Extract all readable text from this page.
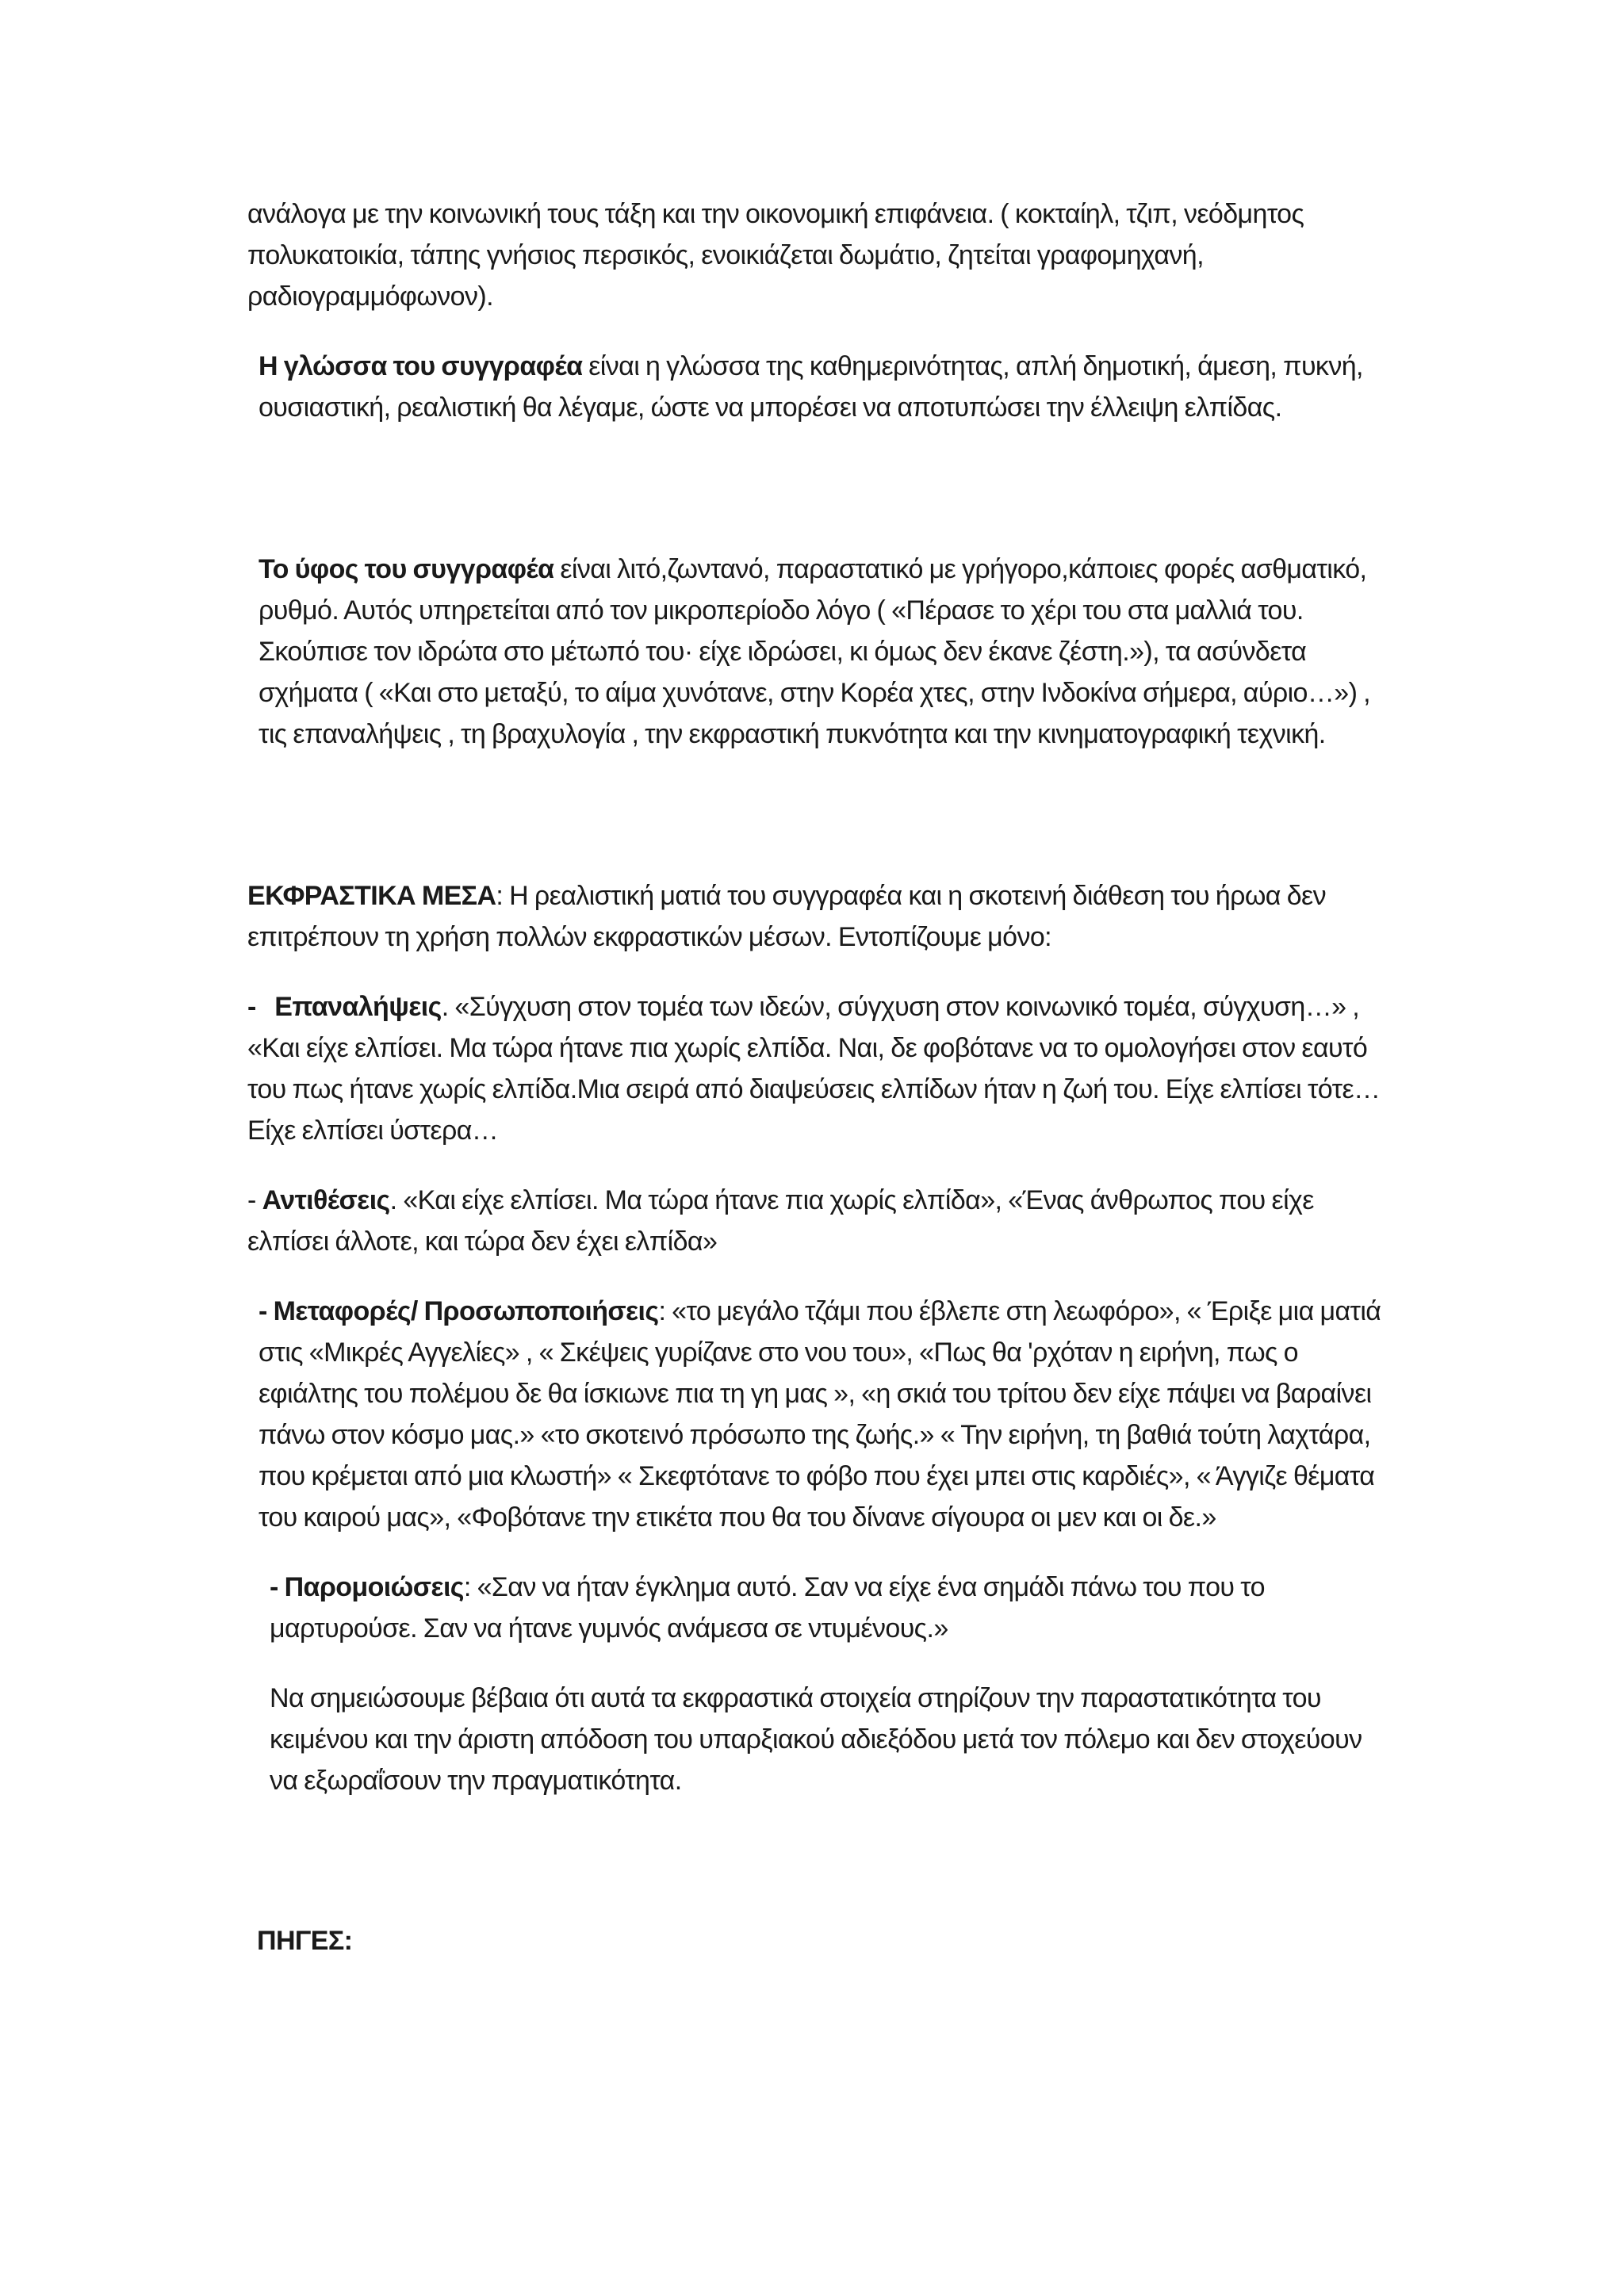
ανάλογα με την κοινωνική τους τάξη και την οικονομική επιφάνεια. ( κοκταίηλ, τζιπ, νεόδμητος πολυκατοικία, τάπης γνήσιος περσικός, ενοικιάζεται δωμάτιο, ζητείται γραφομηχανή, ραδιογραμμόφωνον).

Η γλώσσα του συγγραφέα είναι η γλώσσα της καθημερινότητας, απλή δημοτική, άμεση, πυκνή, ουσιαστική, ρεαλιστική θα λέγαμε, ώστε να μπορέσει να αποτυπώσει την έλλειψη ελπίδας.

Το ύφος του συγγραφέα είναι λιτό,ζωντανό, παραστατικό με γρήγορο,κάποιες φορές ασθματικό, ρυθμό. Αυτός υπηρετείται από τον μικροπερίοδο λόγο ( «Πέρασε το χέρι του στα μαλλιά του. Σκούπισε τον ιδρώτα στο μέτωπό του· είχε ιδρώσει, κι όμως δεν έκανε ζέστη.»), τα ασύνδετα σχήματα ( «Και στο μεταξύ, το αίμα χυνότανε, στην Κορέα χτες, στην Ινδοκίνα σήμερα, αύριο…») , τις επαναλήψεις , τη βραχυλογία , την εκφραστική πυκνότητα και την κινηματογραφική τεχνική.

ΕΚΦΡΑΣΤΙΚΑ ΜΕΣΑ: Η ρεαλιστική ματιά του συγγραφέα και η σκοτεινή διάθεση του ήρωα δεν επιτρέπουν τη χρήση πολλών εκφραστικών μέσων. Εντοπίζουμε μόνο:

-   Επαναλήψεις. «Σύγχυση στον τομέα των ιδεών, σύγχυση στον κοινωνικό τομέα, σύγχυση…» , «Και είχε ελπίσει. Μα τώρα ήτανε πια χωρίς ελπίδα. Ναι, δε φοβότανε να το ομολογήσει στον εαυτό του πως ήτανε χωρίς ελπίδα.Μια σειρά από διαψεύσεις ελπίδων ήταν η ζωή του. Είχε ελπίσει τότε… Είχε ελπίσει ύστερα…

- Αντιθέσεις. «Και είχε ελπίσει. Μα τώρα ήτανε πια χωρίς ελπίδα», «Ένας άνθρωπος που είχε ελπίσει άλλοτε, και τώρα δεν έχει ελπίδα»

- Μεταφορές/ Προσωποποιήσεις: «το μεγάλο τζάμι που έβλεπε στη λεωφόρο», « Έριξε μια ματιά στις «Μικρές Αγγελίες» , « Σκέψεις γυρίζανε στο νου του», «Πως θα 'ρχόταν η ειρήνη, πως ο εφιάλτης του πολέμου δε θα ίσκιωνε πια τη γη μας », «η σκιά του τρίτου δεν είχε πάψει να βαραίνει πάνω στον κόσμο μας.» «το σκοτεινό πρόσωπο της ζωής.» « Την ειρήνη, τη βαθιά τούτη λαχτάρα, που κρέμεται από μια κλωστή» « Σκεφτότανε το φόβο που έχει μπει στις καρδιές», « Άγγιζε θέματα του καιρού μας», «Φοβότανε την ετικέτα που θα του δίνανε σίγουρα οι μεν και οι δε.»

- Παρομοιώσεις: «Σαν να ήταν έγκλημα αυτό. Σαν να είχε ένα σημάδι πάνω του που το μαρτυρούσε. Σαν να ήτανε γυμνός ανάμεσα σε ντυμένους.»

Να σημειώσουμε βέβαια ότι αυτά τα εκφραστικά στοιχεία στηρίζουν την παραστατικότητα του κειμένου και την άριστη απόδοση του υπαρξιακού αδιεξόδου μετά τον πόλεμο και δεν στοχεύουν να εξωραΐσουν την πραγματικότητα.

ΠΗΓΕΣ:
